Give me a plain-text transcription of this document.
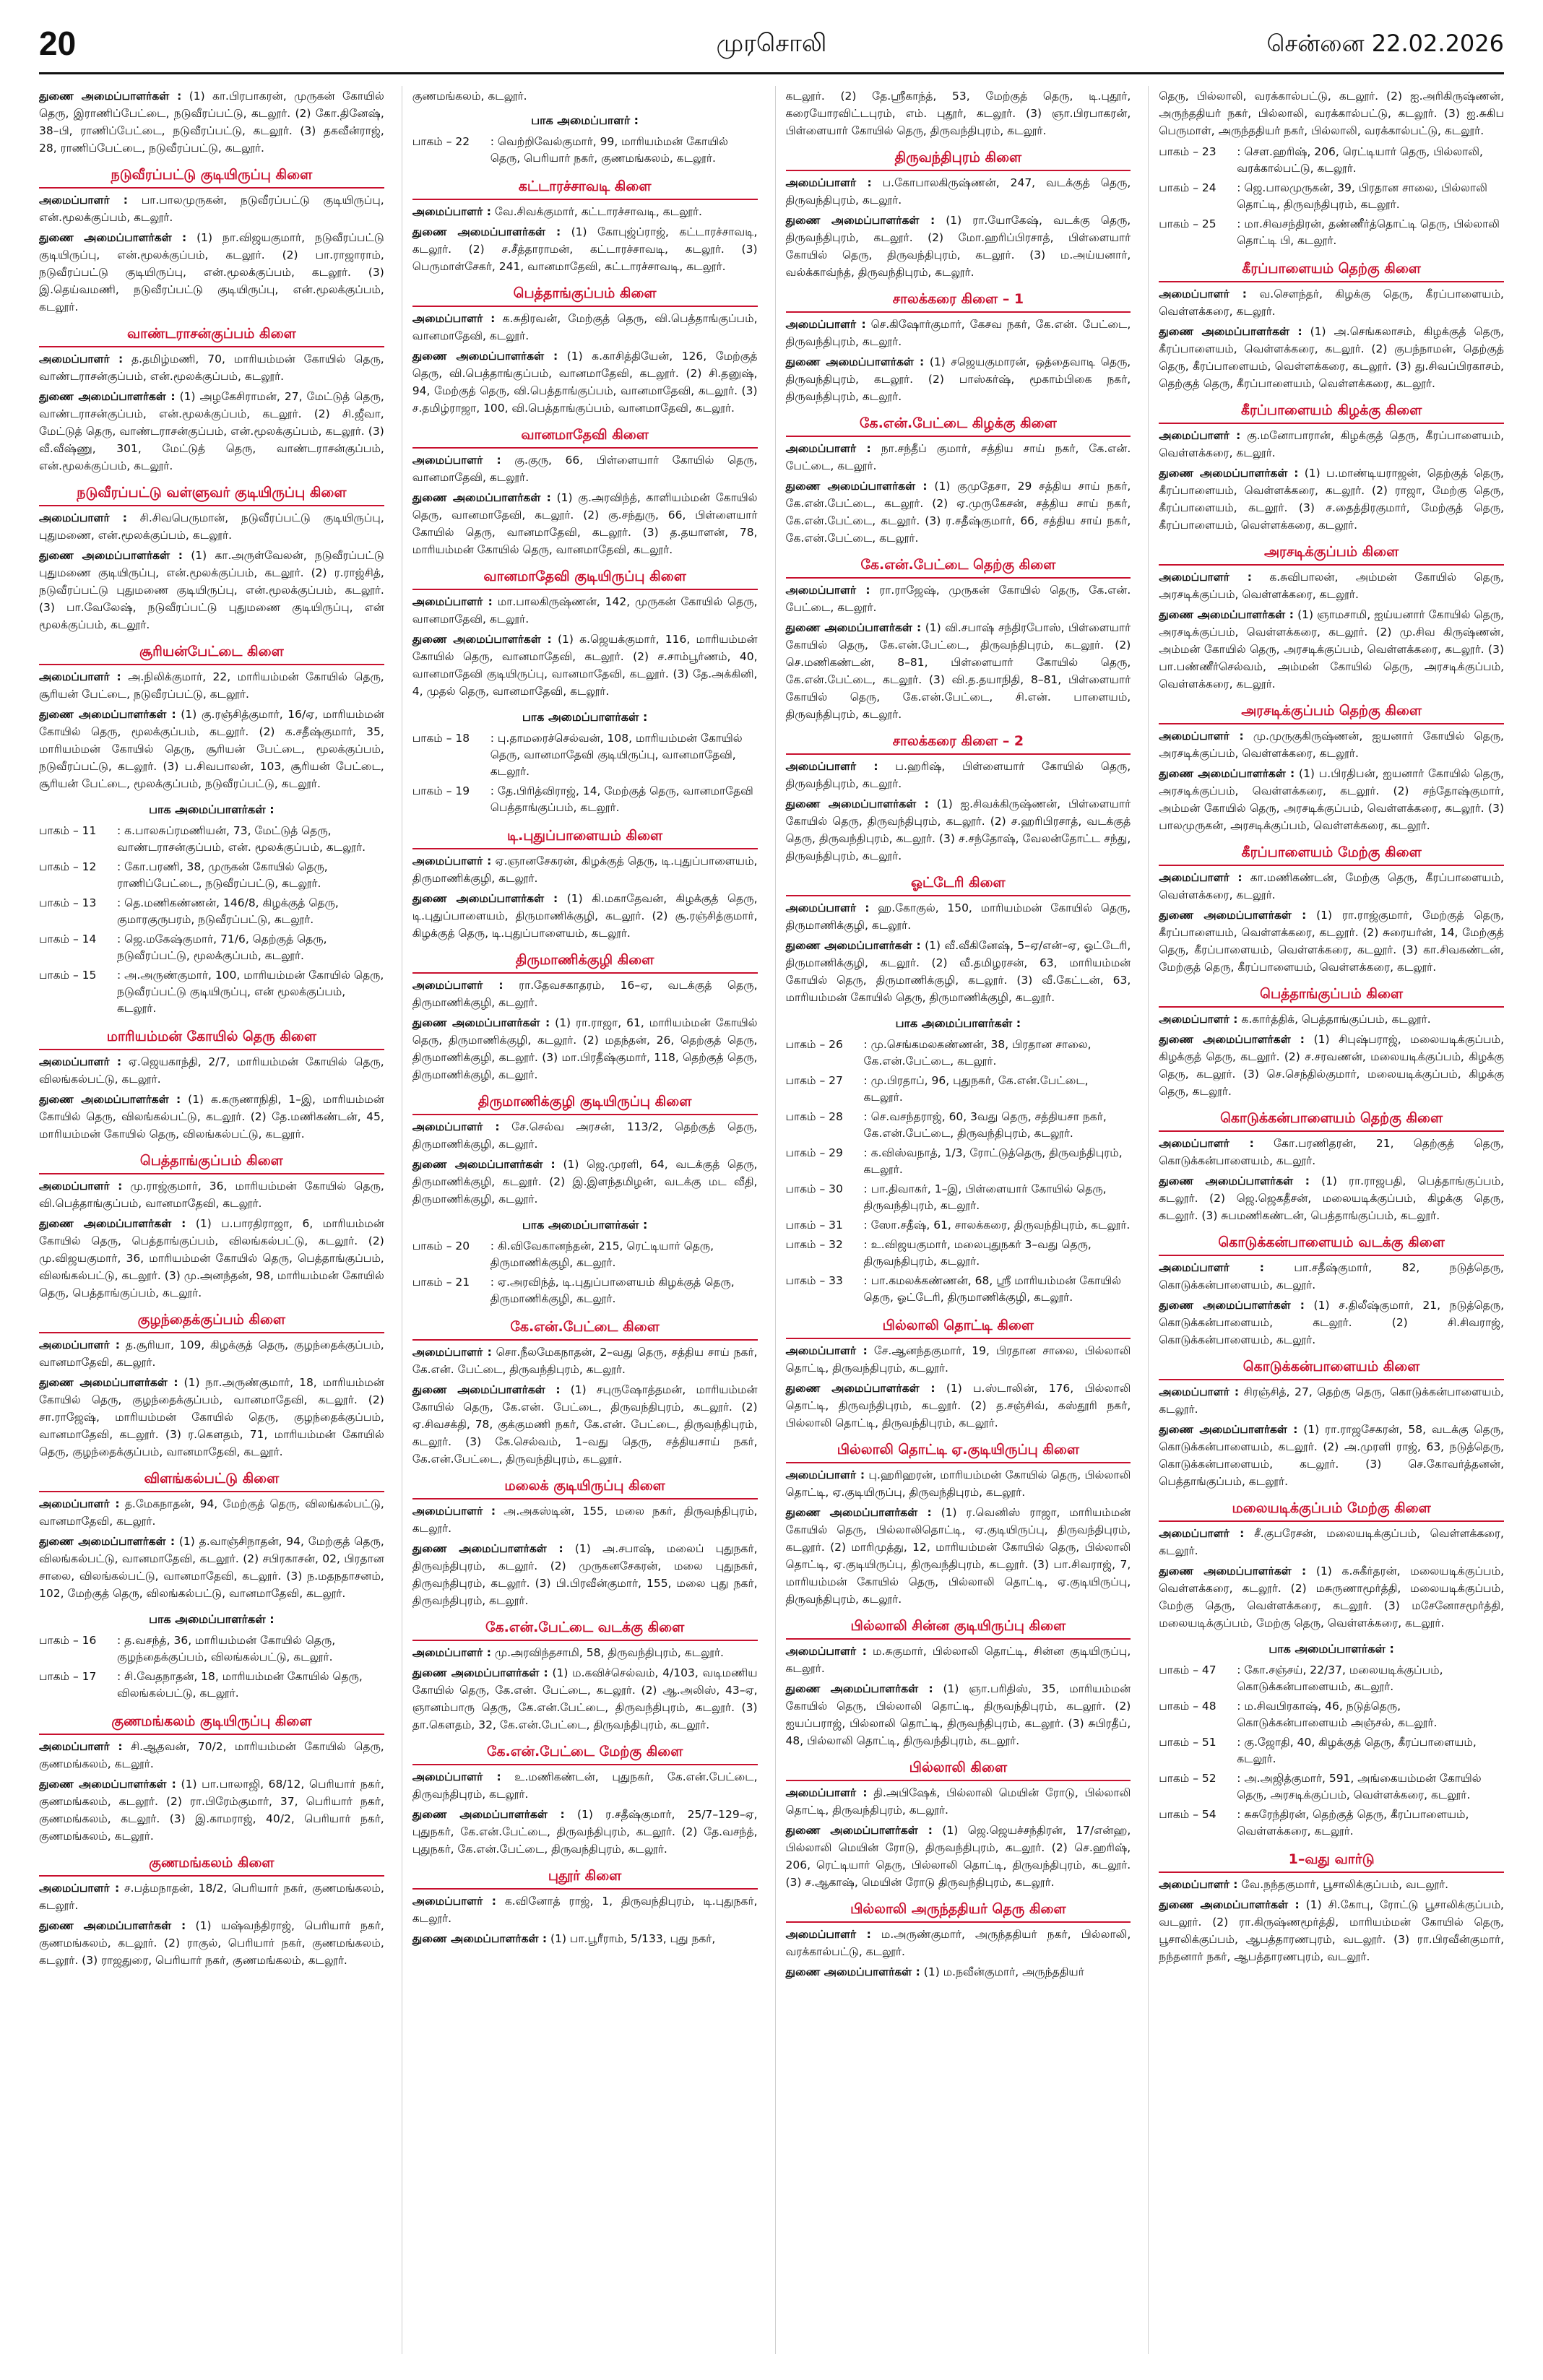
20	முரசொலி	சென்னை 22.02.2026

துணை அமைப்பாளர்கள் : (1) கா.பிரபாகரன், முருகன் கோயில் தெரு, இராணிப்பேட்டை, நடுவீரப்பட்டு, கடலூர். (2) கோ.தினேஷ், 38–பி, ராணிப்பேட்டை, நடுவீரப்பட்டு, கடலூர். (3) தகவீன்ராஜ், 28, ராணிப்பேட்டை, நடுவீரப்பட்டு, கடலூர்.

நடுவீரப்பட்டு குடியிருப்பு கிளை

அமைப்பாளர் : பா.பாலமுருகன், நடுவீரப்பட்டு குடியிருப்பு, என்.மூலக்குப்பம், கடலூர்.

துணை அமைப்பாளர்கள் : (1) நா.விஜயகுமார், நடுவீரப்பட்டு குடியிருப்பு, என்.மூலக்குப்பம், கடலூர். (2) பா.ராஜாராம், நடுவீரப்பட்டு குடியிருப்பு, என்.மூலக்குப்பம், கடலூர். (3) இ.தெய்வமணி, நடுவீரப்பட்டு குடியிருப்பு, என்.மூலக்குப்பம், கடலூர்.

வாண்டராசன்குப்பம் கிளை

அமைப்பாளர் : த.தமிழ்மணி, 70, மாரியம்மன் கோயில் தெரு, வாண்டராசன்குப்பம், என்.மூலக்குப்பம், கடலூர்.

துணை அமைப்பாளர்கள் : (1) அழகேசிராமன், 27, மேட்டுத் தெரு, வாண்டராசன்குப்பம், என்.மூலக்குப்பம், கடலூர். (2) சி.ஜீவா, மேட்டுத் தெரு, வாண்டராசன்குப்பம், என்.மூலக்குப்பம், கடலூர். (3) வீ.வீஷ்ணு, 301, மேட்டுத் தெரு, வாண்டராசன்குப்பம், என்.மூலக்குப்பம், கடலூர்.

நடுவீரப்பட்டு வள்ளுவர் குடியிருப்பு கிளை

அமைப்பாளர் : சி.சிவபெருமான், நடுவீரப்பட்டு குடியிருப்பு, புதுமணை, என்.மூலக்குப்பம், கடலூர்.

துணை அமைப்பாளர்கள் : (1) கா.அருள்வேலன், நடுவீரப்பட்டு புதுமணை குடியிருப்பு, என்.மூலக்குப்பம், கடலூர். (2) ர.ராஜ்சித், நடுவீரப்பட்டு புதுமணை குடியிருப்பு, என்.மூலக்குப்பம், கடலூர். (3) பா.வேலேஷ், நடுவீரப்பட்டு புதுமணை குடியிருப்பு, என் மூலக்குப்பம், கடலூர்.

சூரியன்பேட்டை கிளை

அமைப்பாளர் : அ.நிலிக்குமார், 22, மாரியம்மன் கோயில் தெரு, சூரியன் பேட்டை, நடுவீரப்பட்டு, கடலூர்.

துணை அமைப்பாளர்கள் : (1) கு.ரஞ்சித்குமார், 16/ஏ, மாரியம்மன் கோயில் தெரு, மூலக்குப்பம், கடலூர். (2) க.சதீஷ்குமார், 35, மாரியம்மன் கோயில் தெரு, சூரியன் பேட்டை, மூலக்குப்பம், நடுவீரப்பட்டு, கடலூர். (3) ப.சிவபாலன், 103, சூரியன் பேட்டை, சூரியன் பேட்டை, மூலக்குப்பம், நடுவீரப்பட்டு, கடலூர்.

பாக அமைப்பாளர்கள் :
பாகம் – 11	: க.பாலசுப்ரமணியன், 73, மேட்டுத் தெரு, வாண்டராசன்குப்பம், என். மூலக்குப்பம், கடலூர்.
பாகம் – 12	: கோ.பரணி, 38, முருகன் கோயில் தெரு, ராணிப்பேட்டை, நடுவீரப்பட்டு, கடலூர்.
பாகம் – 13	: தெ.மணிகண்ணன், 146/8, கிழக்குத் தெரு, குமாரகுருபரம், நடுவீரப்பட்டு, கடலூர்.
பாகம் – 14	: ஜெ.மகேஷ்குமார், 71/6, தெற்குத் தெரு, நடுவீரப்பட்டு, மூலக்குப்பம், கடலூர்.
பாகம் – 15	: அ.அருண்குமார், 100, மாரியம்மன் கோயில் தெரு, நடுவீரப்பட்டு குடியிருப்பு, என் மூலக்குப்பம், கடலூர்.
மாரியம்மன் கோயில் தெரு கிளை

அமைப்பாளர் : ஏ.ஜெயகாந்தி, 2/7, மாரியம்மன் கோயில் தெரு, விலங்கல்பட்டு, கடலூர்.

துணை அமைப்பாளர்கள் : (1) க.கருணாநிதி, 1–இ, மாரியம்மன் கோயில் தெரு, விலங்கல்பட்டு, கடலூர். (2) தே.மணிகண்டன், 45, மாரியம்மன் கோயில் தெரு, விலங்கல்பட்டு, கடலூர்.

பெத்தாங்குப்பம் கிளை

அமைப்பாளர் : மு.ராஜ்குமார், 36, மாரியம்மன் கோயில் தெரு, வி.பெத்தாங்குப்பம், வானமாதேவி, கடலூர்.

துணை அமைப்பாளர்கள் : (1) ப.பாரதிராஜா, 6, மாரியம்மன் கோயில் தெரு, பெத்தாங்குப்பம், விலங்கல்பட்டு, கடலூர். (2) மு.விஜயகுமார், 36, மாரியம்மன் கோயில் தெரு, பெத்தாங்குப்பம், விலங்கல்பட்டு, கடலூர். (3) மு.அனந்தன், 98, மாரியம்மன் கோயில் தெரு, பெத்தாங்குப்பம், கடலூர்.

குழந்தைக்குப்பம் கிளை

அமைப்பாளர் : த.சூரியா, 109, கிழக்குத் தெரு, குழந்தைக்குப்பம், வானமாதேவி, கடலூர்.

துணை அமைப்பாளர்கள் : (1) நா.அருண்குமார், 18, மாரியம்மன் கோயில் தெரு, குழந்தைக்குப்பம், வானமாதேவி, கடலூர். (2) சா.ராஜேஷ், மாரியம்மன் கோயில் தெரு, குழந்தைக்குப்பம், வானமாதேவி, கடலூர். (3) ர.கௌதம், 71, மாரியம்மன் கோயில் தெரு, குழந்தைக்குப்பம், வானமாதேவி, கடலூர்.

விளங்கல்பட்டு கிளை

அமைப்பாளர் : த.மேகநாதன், 94, மேற்குத் தெரு, விலங்கல்பட்டு, வானமாதேவி, கடலூர்.

துணை அமைப்பாளர்கள் : (1) த.வாஞ்சிநாதன், 94, மேற்குத் தெரு, விலங்கல்பட்டு, வானமாதேவி, கடலூர். (2) சபிரகாசன், 02, பிரதான சாலை, விலங்கல்பட்டு, வானமாதேவி, கடலூர். (3) ந.மதநதாசனம், 102, மேற்குத் தெரு, விலங்கல்பட்டு, வானமாதேவி, கடலூர்.

பாக அமைப்பாளர்கள் :
பாகம் – 16	: த.வசந்த், 36, மாரியம்மன் கோயில் தெரு, குழந்தைக்குப்பம், விலங்கல்பட்டு, கடலூர்.
பாகம் – 17	: சி.வேதநாதன், 18, மாரியம்மன் கோயில் தெரு, விலங்கல்பட்டு, கடலூர்.
குணமங்கலம் குடியிருப்பு கிளை

அமைப்பாளர் : சி.ஆதவன், 70/2, மாரியம்மன் கோயில் தெரு, குணமங்கலம், கடலூர்.

துணை அமைப்பாளர்கள் : (1) பா.பாலாஜி, 68/12, பெரியார் நகர், குணமங்கலம், கடலூர். (2) ரா.பிரேம்குமார், 37, பெரியார் நகர், குணமங்கலம், கடலூர். (3) இ.காமராஜ், 40/2, பெரியார் நகர், குணமங்கலம், கடலூர்.

குணமங்கலம் கிளை

அமைப்பாளர் : ச.பத்மநாதன், 18/2, பெரியார் நகர், குணமங்கலம், கடலூர்.

துணை அமைப்பாளர்கள் : (1) யஷ்வந்திராஜ், பெரியார் நகர், குணமங்கலம், கடலூர். (2) ராகுல், பெரியார் நகர், குணமங்கலம், கடலூர். (3) ராஜதுரை, பெரியார் நகர், குணமங்கலம், கடலூர்.

குணமங்கலம், கடலூர்.

பாக அமைப்பாளர் :
பாகம் – 22	: வெற்றிவேல்குமார், 99, மாரியம்மன் கோயில் தெரு, பெரியார் நகர், குணமங்கலம், கடலூர்.
கட்டாரச்சாவடி கிளை

அமைப்பாளர் : வே.சிவக்குமார், கட்டாரச்சாவடி, கடலூர்.

துணை அமைப்பாளர்கள் : (1) கோபுஜ்ப்ராஜ், கட்டாரச்சாவடி, கடலூர். (2) ச.சீத்தாராமன், கட்டாரச்சாவடி, கடலூர். (3) பெருமாள்சேகர், 241, வானமாதேவி, கட்டாரச்சாவடி, கடலூர்.

பெத்தாங்குப்பம் கிளை

அமைப்பாளர் : க.சுதிரவன், மேற்குத் தெரு, வி.பெத்தாங்குப்பம், வானமாதேவி, கடலூர்.

துணை அமைப்பாளர்கள் : (1) க.காசித்தியேன், 126, மேற்குத் தெரு, வி.பெத்தாங்குப்பம், வானமாதேவி, கடலூர். (2) சி.தனுஷ், 94, மேற்குத் தெரு, வி.பெத்தாங்குப்பம், வானமாதேவி, கடலூர். (3) ச.தமிழ்ராஜா, 100, வி.பெத்தாங்குப்பம், வானமாதேவி, கடலூர்.

வானமாதேவி கிளை

அமைப்பாளர் : கு.குரு, 66, பிள்ளையார் கோயில் தெரு, வானமாதேவி, கடலூர்.

துணை அமைப்பாளர்கள் : (1) கு.அரவிந்த், காளியம்மன் கோயில் தெரு, வானமாதேவி, கடலூர். (2) கு.சந்துரு, 66, பிள்ளையார் கோயில் தெரு, வானமாதேவி, கடலூர். (3) த.தயாளன், 78, மாரியம்மன் கோயில் தெரு, வானமாதேவி, கடலூர்.

வானமாதேவி குடியிருப்பு கிளை

அமைப்பாளர் : மா.பாலகிருஷ்ணன், 142, முருகன் கோயில் தெரு, வானமாதேவி, கடலூர்.

துணை அமைப்பாளர்கள் : (1) க.ஜெயக்குமார், 116, மாரியம்மன் கோயில் தெரு, வானமாதேவி, கடலூர். (2) ச.சாம்பூர்ணம், 40, வானமாதேவி குடியிருப்பு, வானமாதேவி, கடலூர். (3) தே.அக்கினி, 4, முதல் தெரு, வானமாதேவி, கடலூர்.

பாக அமைப்பாளர்கள் :
பாகம் – 18	: பு.தாமரைச்செல்வன், 108, மாரியம்மன் கோயில் தெரு, வானமாதேவி குடியிருப்பு, வானமாதேவி, கடலூர்.
பாகம் – 19	: தே.பிரித்விராஜ், 14, மேற்குத் தெரு, வானமாதேவி பெத்தாங்குப்பம், கடலூர்.
டி.புதுப்பாளையம் கிளை

அமைப்பாளர் : ஏ.ஞானசேகரன், கிழக்குத் தெரு, டி.புதுப்பாளையம், திருமாணிக்குழி, கடலூர்.

துணை அமைப்பாளர்கள் : (1) கி.மகாதேவன், கிழக்குத் தெரு, டி.புதுப்பாளையம், திருமாணிக்குழி, கடலூர். (2) சூ.ரஞ்சித்குமார், கிழக்குத் தெரு, டி.புதுப்பாளையம், கடலூர்.

திருமாணிக்குழி கிளை

அமைப்பாளர் : ரா.தேவசகாதரம், 16–ஏ, வடக்குத் தெரு, திருமாணிக்குழி, கடலூர்.

துணை அமைப்பாளர்கள் : (1) ரா.ராஜா, 61, மாரியம்மன் கோயில் தெரு, திருமாணிக்குழி, கடலூர். (2) மதந்தன், 26, தெற்குத் தெரு, திருமாணிக்குழி, கடலூர். (3) மா.பிரதீஷ்குமார், 118, தெற்குத் தெரு, திருமாணிக்குழி, கடலூர்.

திருமாணிக்குழி குடியிருப்பு கிளை

அமைப்பாளர் : சே.செல்வ அரசன், 113/2, தெற்குத் தெரு, திருமாணிக்குழி, கடலூர்.

துணை அமைப்பாளர்கள் : (1) ஜெ.முரளி, 64, வடக்குத் தெரு, திருமாணிக்குழி, கடலூர். (2) இ.இளந்தமிழன், வடக்கு மட வீதி, திருமாணிக்குழி, கடலூர்.

பாக அமைப்பாளர்கள் :
பாகம் – 20	: கி.விவேகானந்தன், 215, ரெட்டியார் தெரு, திருமாணிக்குழி, கடலூர்.
பாகம் – 21	: ஏ.அரவிந்த், டி.புதுப்பாளையம் கிழக்குத் தெரு, திருமாணிக்குழி, கடலூர்.
கே.என்.பேட்டை கிளை

அமைப்பாளர் : சொ.நீலமேகநாதன், 2–வது தெரு, சத்திய சாய் நகர், கே.என். பேட்டை, திருவந்திபுரம், கடலூர்.

துணை அமைப்பாளர்கள் : (1) சபுருஷோத்தமன், மாரியம்மன் கோயில் தெரு, கே.என். பேட்டை, திருவந்திபுரம், கடலூர். (2) ஏ.சிவசக்தி, 78, குக்குமணி நகர், கே.என். பேட்டை, திருவந்திபுரம், கடலூர். (3) கே.செல்வம், 1–வது தெரு, சத்தியசாய் நகர், கே.என்.பேட்டை, திருவந்திபுரம், கடலூர்.

மலைக் குடியிருப்பு கிளை

அமைப்பாளர் : அ.அகஸ்டின், 155, மலை நகர், திருவந்திபுரம், கடலூர்.

துணை அமைப்பாளர்கள் : (1) அ.சபாஷ், மலைப் புதுநகர், திருவந்திபுரம், கடலூர். (2) முருகனசேகரன், மலை புதுநகர், திருவந்திபுரம், கடலூர். (3) பி.பிரவீன்குமார், 155, மலை புது நகர், திருவந்திபுரம், கடலூர்.

கே.என்.பேட்டை வடக்கு கிளை

அமைப்பாளர் : மு.அரவிந்தசாமி, 58, திருவந்திபுரம், கடலூர்.

துணை அமைப்பாளர்கள் : (1) ம.கவிச்செல்வம், 4/103, வடிமணிய கோயில் தெரு, கே.என். பேட்டை, கடலூர். (2) ஆ.அலிஸ், 43–ஏ, ஞானம்பாரு தெரு, கே.என்.பேட்டை, திருவந்திபுரம், கடலூர். (3) தா.கௌதம், 32, கே.என்.பேட்டை, திருவந்திபுரம், கடலூர்.

கே.என்.பேட்டை மேற்கு கிளை

அமைப்பாளர் : உ.மணிகண்டன், புதுநகர், கே.என்.பேட்டை, திருவந்திபுரம், கடலூர்.

துணை அமைப்பாளர்கள் : (1) ர.சதீஷ்குமார், 25/7–129–ஏ, புதுநகர், கே.என்.பேட்டை, திருவந்திபுரம், கடலூர். (2) தே.வசந்த், புதுநகர், கே.என்.பேட்டை, திருவந்திபுரம், கடலூர்.

புதூர் கிளை

அமைப்பாளர் : க.வினோத் ராஜ், 1, திருவந்திபுரம், டி.புதுநகர், கடலூர்.

துணை அமைப்பாளர்கள் : (1) பா.பூரீராம், 5/133, புது நகர்,

கடலூர். (2) தே.ஸ்ரீகாந்த், 53, மேற்குத் தெரு, டி.புதூர், கரையோரவிட்டபுரம், எம். புதூர், கடலூர். (3) ஞா.பிரபாகரன், பிள்ளையார் கோயில் தெரு, திருவந்திபுரம், கடலூர்.

திருவந்திபுரம் கிளை

அமைப்பாளர் : ப.கோபாலகிருஷ்ணன், 247, வடக்குத் தெரு, திருவந்திபுரம், கடலூர்.

துணை அமைப்பாளர்கள் : (1) ரா.யோகேஷ், வடக்கு தெரு, திருவந்திபுரம், கடலூர். (2) மோ.ஹரிப்பிரசாத், பிள்ளையார் கோயில் தெரு, திருவந்திபுரம், கடலூர். (3) ம.அய்யனார், வல்க்காவ்ந்த், திருவந்திபுரம், கடலூர்.

சாலக்கரை கிளை – 1

அமைப்பாளர் : செ.கிஷோர்குமார், கேசவ நகர், கே.என். பேட்டை, திருவந்திபுரம், கடலூர்.

துணை அமைப்பாளர்கள் : (1) சஜெயகுமாரன், ஒத்தைவாடி தெரு, திருவந்திபுரம், கடலூர். (2) பாஸ்கர்ஷ், மூகாம்பிகை நகர், திருவந்திபுரம், கடலூர்.

கே.என்.பேட்டை கிழக்கு கிளை

அமைப்பாளர் : நா.சந்தீப் குமார், சத்திய சாய் நகர், கே.என். பேட்டை, கடலூர்.

துணை அமைப்பாளர்கள் : (1) குமுதேசா, 29 சத்திய சாய் நகர், கே.என்.பேட்டை, கடலூர். (2) ஏ.முருகேசன், சத்திய சாய் நகர், கே.என்.பேட்டை, கடலூர். (3) ர.சதீஷ்குமார், 66, சத்திய சாய் நகர், கே.என்.பேட்டை, கடலூர்.

கே.என்.பேட்டை தெற்கு கிளை

அமைப்பாளர் : ரா.ராஜேஷ், முருகன் கோயில் தெரு, கே.என். பேட்டை, கடலூர்.

துணை அமைப்பாளர்கள் : (1) வி.சபாஷ் சந்திரபோஸ், பிள்ளையார் கோயில் தெரு, கே.என்.பேட்டை, திருவந்திபுரம், கடலூர். (2) செ.மணிகண்டன், 8–81, பிள்ளையார் கோயில் தெரு, கே.என்.பேட்டை, கடலூர். (3) வி.த.தயாநிதி, 8–81, பிள்ளையார் கோயில் தெரு, கே.என்.பேட்டை, சி.என். பாளையம், திருவந்திபுரம், கடலூர்.

சாலக்கரை கிளை – 2

அமைப்பாளர் : ப.ஹரிஷ், பிள்ளையார் கோயில் தெரு, திருவந்திபுரம், கடலூர்.

துணை அமைப்பாளர்கள் : (1) ஐ.சிவக்கிருஷ்ணன், பிள்ளையார் கோயில் தெரு, திருவந்திபுரம், கடலூர். (2) ச.ஹரிபிரசாத், வடக்குத் தெரு, திருவந்திபுரம், கடலூர். (3) ச.சந்தோஷ், வேலன்தோட்ட சந்து, திருவந்திபுரம், கடலூர்.

ஓட்டேரி கிளை

அமைப்பாளர் : ஹ.கோகுல், 150, மாரியம்மன் கோயில் தெரு, திருமாணிக்குழி, கடலூர்.

துணை அமைப்பாளர்கள் : (1) வீ.வீகினேஷ், 5–ஏ/என்–ஏ, ஓட்டேரி, திருமாணிக்குழி, கடலூர். (2) வீ.தமிழரசன், 63, மாரியம்மன் கோயில் தெரு, திருமாணிக்குழி, கடலூர். (3) வீ.கேட்டன், 63, மாரியம்மன் கோயில் தெரு, திருமாணிக்குழி, கடலூர்.

பாக அமைப்பாளர்கள் :
பாகம் – 26	: மு.செங்கமலகண்ணன், 38, பிரதான சாலை, கே.என்.பேட்டை, கடலூர்.
பாகம் – 27	: மு.பிரதாப், 96, புதுநகர், கே.என்.பேட்டை, கடலூர்.
பாகம் – 28	: செ.வசந்தராஜ், 60, 3வது தெரு, சத்தியசா நகர், கே.என்.பேட்டை, திருவந்திபுரம், கடலூர்.
பாகம் – 29	: க.விஸ்வநாத், 1/3, ரோட்டுத்தெரு, திருவந்திபுரம், கடலூர்.
பாகம் – 30	: பா.திவாகர், 1–இ, பிள்ளையார் கோயில் தெரு, திருவந்திபுரம், கடலூர்.
பாகம் – 31	: ஸோ.சதீஷ், 61, சாலக்கரை, திருவந்திபுரம், கடலூர்.
பாகம் – 32	: உ.விஜயகுமார், மலைபுதுநகர் 3–வது தெரு, திருவந்திபுரம், கடலூர்.
பாகம் – 33	: பா.கமலக்கண்ணன், 68, ஸ்ரீ மாரியம்மன் கோயில் தெரு, ஓட்டேரி, திருமாணிக்குழி, கடலூர்.
பில்லாலி தொட்டி கிளை

அமைப்பாளர் : சே.ஆனந்தகுமார், 19, பிரதான சாலை, பில்லாலி தொட்டி, திருவந்திபுரம், கடலூர்.

துணை அமைப்பாளர்கள் : (1) ப.ஸ்டாலின், 176, பில்லாலி தொட்டி, திருவந்திபுரம், கடலூர். (2) த.சஞ்சிவ், கஸ்தூரி நகர், பில்லாலி தொட்டி, திருவந்திபுரம், கடலூர்.

பில்லாலி தொட்டி ஏ.குடியிருப்பு கிளை

அமைப்பாளர் : பு.ஹரிஹரன், மாரியம்மன் கோயில் தெரு, பில்லாலி தொட்டி, ஏ.குடியிருப்பு, திருவந்திபுரம், கடலூர்.

துணை அமைப்பாளர்கள் : (1) ர.வெனிஸ் ராஜா, மாரியம்மன் கோயில் தெரு, பில்லாலிதொட்டி, ஏ.குடியிருப்பு, திருவந்திபுரம், கடலூர். (2) மாரிமுத்து, 12, மாரியம்மன் கோயில் தெரு, பில்லாலி தொட்டி, ஏ.குடியிருப்பு, திருவந்திபுரம், கடலூர். (3) பா.சிவராஜ், 7, மாரியம்மன் கோயில் தெரு, பில்லாலி தொட்டி, ஏ.குடியிருப்பு, திருவந்திபுரம், கடலூர்.

பில்லாலி சின்ன குடியிருப்பு கிளை

அமைப்பாளர் : ம.சுகுமார், பில்லாலி தொட்டி, சின்ன குடியிருப்பு, கடலூர்.

துணை அமைப்பாளர்கள் : (1) ஞா.பரிதிஸ், 35, மாரியம்மன் கோயில் தெரு, பில்லாலி தொட்டி, திருவந்திபுரம், கடலூர். (2) ஐயப்பராஜ், பில்லாலி தொட்டி, திருவந்திபுரம், கடலூர். (3) சுபிரதீப், 48, பில்லாலி தொட்டி, திருவந்திபுரம், கடலூர்.

பில்லாலி கிளை

அமைப்பாளர் : தி.அபிஷேக், பில்லாலி மெயின் ரோடு, பில்லாலி தொட்டி, திருவந்திபுரம், கடலூர்.

துணை அமைப்பாளர்கள் : (1) ஜெ.ஜெயச்சந்திரன், 17/என்ஹ, பில்லாலி மெயின் ரோடு, திருவந்திபுரம், கடலூர். (2) செ.ஹரிஷ், 206, ரெட்டியார் தெரு, பில்லாலி தொட்டி, திருவந்திபுரம், கடலூர். (3) ச.ஆகாஷ், மெயின் ரோடு திருவந்திபுரம், கடலூர்.

பில்லாலி அருந்ததியர் தெரு கிளை

அமைப்பாளர் : ம.அருண்குமார், அருந்ததியர் நகர், பில்லாலி, வரக்கால்பட்டு, கடலூர்.

துணை அமைப்பாளர்கள் : (1) ம.நவீன்குமார், அருந்ததியர்

தெரு, பில்லாலி, வரக்கால்பட்டு, கடலூர். (2) ஐ.அரிகிருஷ்ணன், அருந்ததியர் நகர், பில்லாலி, வரக்கால்பட்டு, கடலூர். (3) ஐ.சுகிப பெருமாள், அருந்ததியர் நகர், பில்லாலி, வரக்கால்பட்டு, கடலூர்.

பாகம் – 23	: செள.ஹரிஷ், 206, ரெட்டியார் தெரு, பில்லாலி, வரக்கால்பட்டு, கடலூர்.
பாகம் – 24	: ஜெ.பாலமுருகன், 39, பிரதான சாலை, பில்லாலி தொட்டி, திருவந்திபுரம், கடலூர்.
பாகம் – 25	: மா.சிவசந்திரன், தண்ணீர்த்தொட்டி தெரு, பில்லாலி தொட்டி பி, கடலூர்.
கீரப்பாளையம் தெற்கு கிளை

அமைப்பாளர் : வ.சௌந்தர், கிழக்கு தெரு, கீரப்பாளையம், வெள்ளக்கரை, கடலூர்.

துணை அமைப்பாளர்கள் : (1) அ.செங்கலாசம், கிழக்குத் தெரு, கீரப்பாளையம், வெள்ளக்கரை, கடலூர். (2) குபந்நாமன், தெற்குத் தெரு, கீரப்பாளையம், வெள்ளக்கரை, கடலூர். (3) து.சிவப்பிரகாசம், தெற்குத் தெரு, கீரப்பாளையம், வெள்ளக்கரை, கடலூர்.

கீரப்பாளையம் கிழக்கு கிளை

அமைப்பாளர் : கு.மனோபாரான், கிழக்குத் தெரு, கீரப்பாளையம், வெள்ளக்கரை, கடலூர்.

துணை அமைப்பாளர்கள் : (1) ப.மாண்டியராஜன், தெற்குத் தெரு, கீரப்பாளையம், வெள்ளக்கரை, கடலூர். (2) ராஜா, மேற்கு தெரு, கீரப்பாளையம், கடலூர். (3) ச.தைத்திரகுமார், மேற்குத் தெரு, கீரப்பாளையம், வெள்ளக்கரை, கடலூர்.

அரசடிக்குப்பம் கிளை

அமைப்பாளர் : க.சுவிபாலன், அம்மன் கோயில் தெரு, அரசடிக்குப்பம், வெள்ளக்கரை, கடலூர்.

துணை அமைப்பாளர்கள் : (1) ஞாமசாமி, ஐய்யனார் கோயில் தெரு, அரசடிக்குப்பம், வெள்ளக்கரை, கடலூர். (2) மு.சிவ கிருஷ்ணன், அம்மன் கோயில் தெரு, அரசடிக்குப்பம், வெள்ளக்கரை, கடலூர். (3) பா.பண்ணீர்செல்வம், அம்மன் கோயில் தெரு, அரசடிக்குப்பம், வெள்ளக்கரை, கடலூர்.

அரசடிக்குப்பம் தெற்கு கிளை

அமைப்பாளர் : மு.முருகுகிருஷ்ணன், ஐயனார் கோயில் தெரு, அரசடிக்குப்பம், வெள்ளக்கரை, கடலூர்.

துணை அமைப்பாளர்கள் : (1) ப.பிரதிபன், ஐயனார் கோயில் தெரு, அரசடிக்குப்பம், வெள்ளக்கரை, கடலூர். (2) சந்தோஷ்குமார், அம்மன் கோயில் தெரு, அரசடிக்குப்பம், வெள்ளக்கரை, கடலூர். (3) பாலமுருகன், அரசடிக்குப்பம், வெள்ளக்கரை, கடலூர்.

கீரப்பாளையம் மேற்கு கிளை

அமைப்பாளர் : கா.மணிகண்டன், மேற்கு தெரு, கீரப்பாளையம், வெள்ளக்கரை, கடலூர்.

துணை அமைப்பாளர்கள் : (1) ரா.ராஜ்குமார், மேற்குத் தெரு, கீரப்பாளையம், வெள்ளக்கரை, கடலூர். (2) சுரையர்ன், 14, மேற்குத் தெரு, கீரப்பாளையம், வெள்ளக்கரை, கடலூர். (3) கா.சிவகண்டன், மேற்குத் தெரு, கீரப்பாளையம், வெள்ளக்கரை, கடலூர்.

பெத்தாங்குப்பம் கிளை

அமைப்பாளர் : க.கார்த்திக், பெத்தாங்குப்பம், கடலூர்.

துணை அமைப்பாளர்கள் : (1) சிபுஷ்பராஜ், மலையடிக்குப்பம், கிழக்குத் தெரு, கடலூர். (2) ச.சரவணன், மலையடிக்குப்பம், கிழக்கு தெரு, கடலூர். (3) செ.செந்தில்குமார், மலையடிக்குப்பம், கிழக்கு தெரு, கடலூர்.

கொடுக்கன்பாளையம் தெற்கு கிளை

அமைப்பாளர் : கோ.பரணிதரன், 21, தெற்குத் தெரு, கொடுக்கன்பாளையம், கடலூர்.

துணை அமைப்பாளர்கள் : (1) ரா.ராஜபதி, பெத்தாங்குப்பம், கடலூர். (2) ஜெ.ஜெகதீசன், மலையடிக்குப்பம், கிழக்கு தெரு, கடலூர். (3) சுபமணிகண்டன், பெத்தாங்குப்பம், கடலூர்.

கொடுக்கன்பாளையம் வடக்கு கிளை

அமைப்பாளர் :	பா.சதீஷ்குமார், 82, நடுத்தெரு, கொடுக்கன்பாளையம், கடலூர்.

துணை அமைப்பாளர்கள் : (1) ச.திலீஷ்குமார், 21, நடுத்தெரு, கொடுக்கன்பாளையம், கடலூர். (2) சி.சிவராஜ், கொடுக்கன்பாளையம், கடலூர்.

கொடுக்கன்பாளையம் கிளை

அமைப்பாளர் : சிரஞ்சித், 27, தெற்கு தெரு, கொடுக்கன்பாளையம், கடலூர்.

துணை அமைப்பாளர்கள் : (1) ரா.ராஜசேகரன், 58, வடக்கு தெரு, கொடுக்கன்பாளையம், கடலூர். (2) அ.முரளி ராஜ், 63, நடுத்தெரு, கொடுக்கன்பாளையம், கடலூர். (3) செ.கோவர்த்தனன், பெத்தாங்குப்பம், கடலூர்.

மலையடிக்குப்பம் மேற்கு கிளை

அமைப்பாளர் : சீ.குபரேசன், மலையடிக்குப்பம், வெள்ளக்கரை, கடலூர்.

துணை அமைப்பாளர்கள் : (1) க.சுகீர்தரன், மலையடிக்குப்பம், வெள்ளக்கரை, கடலூர். (2) மசுருணாமூர்த்தி, மலையடிக்குப்பம், மேற்கு தெரு, வெள்ளக்கரை, கடலூர். (3) மசேனோசமூர்த்தி, மலையடிக்குப்பம், மேற்கு தெரு, வெள்ளக்கரை, கடலூர்.

பாக அமைப்பாளர்கள் :
பாகம் – 47	: கோ.சஞ்சய், 22/37, மலையடிக்குப்பம், கொடுக்கன்பாளையம், கடலூர்.
பாகம் – 48	: ம.சிவபிரகாஷ், 46, நடுத்தெரு, கொடுக்கன்பாளையம் அஞ்சல், கடலூர்.
பாகம் – 51	: கு.ஜோதி, 40, கிழக்குத் தெரு, கீரப்பாளையம், கடலூர்.
பாகம் – 52	: அ.அஜித்குமார், 591, அங்கையம்மன் கோயில் தெரு, அரசடிக்குப்பம், வெள்ளக்கரை, கடலூர்.
பாகம் – 54	: சுசுரேந்திரன், தெற்குத் தெரு, கீரப்பாளையம், வெள்ளக்கரை, கடலூர்.
1–வது வார்டு

அமைப்பாளர் : வே.நந்தகுமார், பூசாலிக்குப்பம், வடலூர்.

துணை அமைப்பாளர்கள் : (1) சி.கோபு, ரோட்டு பூசாலிக்குப்பம், வடலூர். (2) ரா.கிருஷ்ணமூர்த்தி, மாரியம்மன் கோயில் தெரு, பூசாலிக்குப்பம், ஆபத்தாரணபுரம், வடலூர். (3) ரா.பிரவீன்குமார், நந்தனார் நகர், ஆபத்தாரணபுரம், வடலூர்.
